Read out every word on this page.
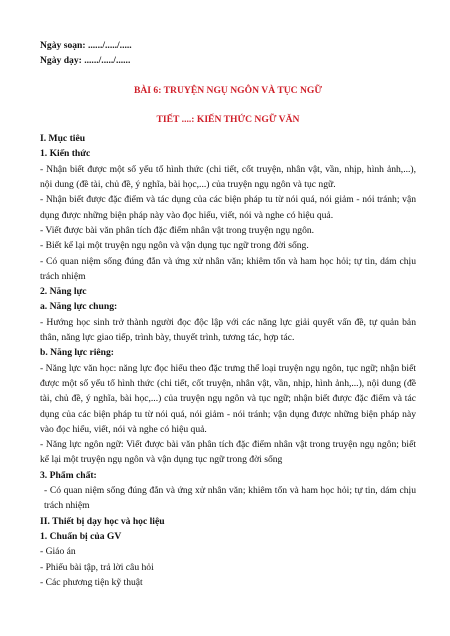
Ngày soạn: ....../...../.....
Ngày dạy: ....../...../......
BÀI 6: TRUYỆN NGỤ NGÔN VÀ TỤC NGỮ
TIẾT ....: KIẾN THỨC NGỮ VĂN
I. Mục tiêu
1. Kiến thức
- Nhận biết được một số yếu tố hình thức (chi tiết, cốt truyện, nhân vật, vần, nhịp, hình ảnh,...), nội dung (đề tài, chủ đề, ý nghĩa, bài học,...) của truyện ngụ ngôn và tục ngữ.
- Nhận biết được đặc điểm và tác dụng của các biện pháp tu từ nói quá, nói giảm - nói tránh; vận dụng được những biện pháp này vào đọc hiểu, viết, nói và nghe có hiệu quả.
- Viết được bài văn phân tích đặc điểm nhân vật trong truyện ngụ ngôn.
- Biết kể lại một truyện ngụ ngôn và vận dụng tục ngữ trong đời sống.
- Có quan niệm sống đúng đắn và ứng xử nhân văn; khiêm tốn và ham học hỏi; tự tin, dám chịu trách nhiệm
2. Năng lực
a. Năng lực chung:
- Hướng học sinh trở thành người đọc độc lập với các năng lực giải quyết vấn đề, tự quản bản thân, năng lực giao tiếp, trình bày, thuyết trình, tương tác, hợp tác.
b. Năng lực riêng:
- Năng lực văn học: năng lực đọc hiểu theo đặc trưng thể loại truyện ngụ ngôn, tục ngữ; nhận biết được một số yếu tố hình thức (chi tiết, cốt truyện, nhân vật, vần, nhịp, hình ảnh,...), nội dung (đề tài, chủ đề, ý nghĩa, bài học,...) của truyện ngụ ngôn và tục ngữ; nhận biết được đặc điểm và tác dụng của các biện pháp tu từ nói quá, nói giảm - nói tránh; vận dụng được những biện pháp này vào đọc hiểu, viết, nói và nghe có hiệu quả.
- Năng lực ngôn ngữ: Viết được bài văn phân tích đặc điểm nhân vật trong truyện ngụ ngôn; biết kể lại một truyện ngụ ngôn và vận dụng tục ngữ trong đời sống
3. Phẩm chất:
- Có quan niệm sống đúng đắn và ứng xử nhân văn; khiêm tốn và ham học hỏi; tự tin, dám chịu trách nhiệm
II. Thiết bị dạy học và học liệu
1. Chuẩn bị của GV
- Giáo án
- Phiếu bài tập, trả lời câu hỏi
- Các phương tiện kỹ thuật
